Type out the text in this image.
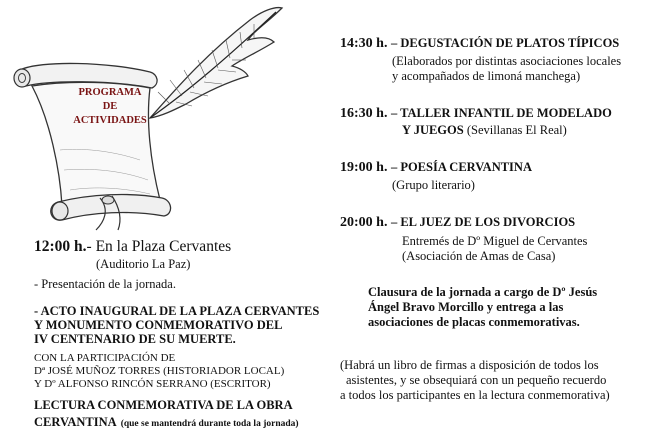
PROGRAMA
DE
ACTIVIDADES
12:00 h.- En la Plaza Cervantes
(Auditorio La Paz)
- Presentación de la jornada.
- ACTO INAUGURAL DE LA PLAZA CERVANTES
Y MONUMENTO CONMEMORATIVO DEL
IV CENTENARIO DE SU MUERTE.
CON LA PARTICIPACIÓN DE
Dª JOSÉ MUÑOZ TORRES (HISTORIADOR LOCAL)
Y Dº ALFONSO RINCÓN SERRANO (ESCRITOR)
LECTURA CONMEMORATIVA DE LA OBRA
CERVANTINA (que se mantendrá durante toda la jornada)
14:30 h. – DEGUSTACIÓN DE PLATOS TÍPICOS
(Elaborados por distintas asociaciones locales
y acompañados de limoná manchega)
16:30 h. – TALLER INFANTIL DE MODELADO
Y JUEGOS (Sevillanas El Real)
19:00 h. – POESÍA CERVANTINA
(Grupo literario)
20:00 h. – EL JUEZ DE LOS DIVORCIOS
Entremés de Dº Miguel de Cervantes
(Asociación de Amas de Casa)
Clausura de la jornada a cargo de Dº Jesús
Ángel Bravo Morcillo y entrega a las
asociaciones de placas conmemorativas.
(Habrá un libro de firmas a disposición de todos los
asistentes, y se obsequiará con un pequeño recuerdo
a todos los participantes en la lectura conmemorativa)
